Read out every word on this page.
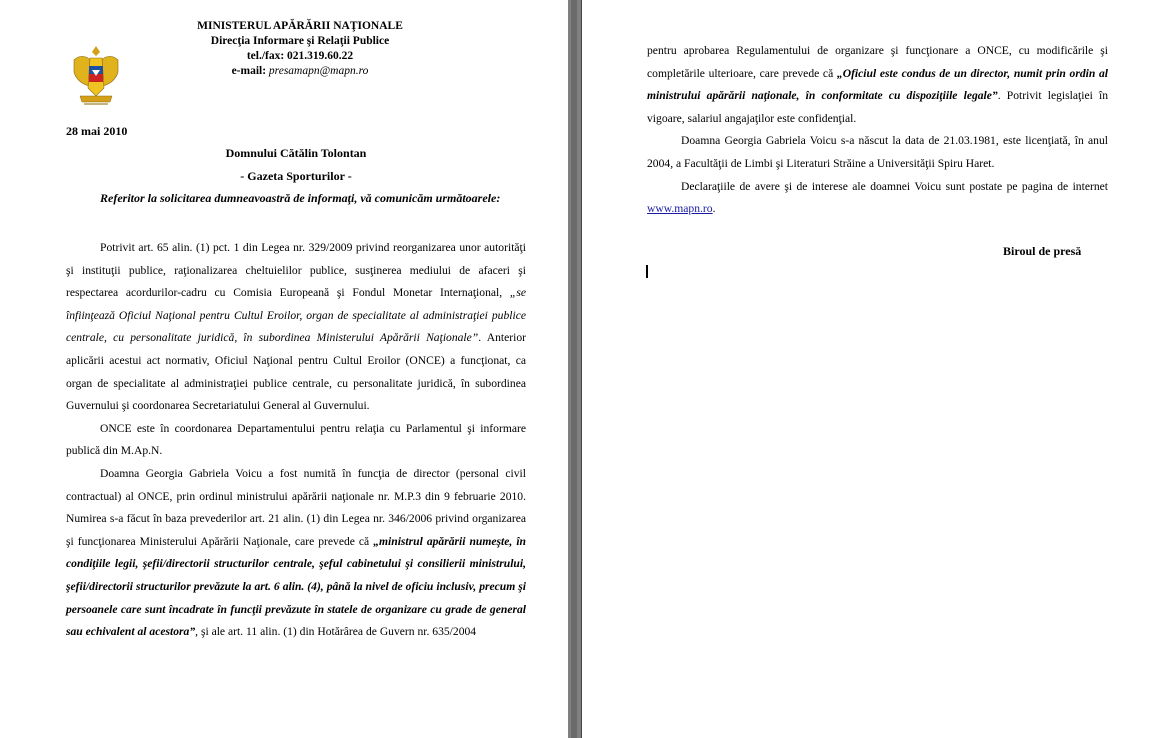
MINISTERUL APĂRĂRII NAŢIONALE
Direcţia Informare şi Relaţii Publice
tel./fax: 021.319.60.22
e-mail: presamapn@mapn.ro
28 mai 2010
Domnului Cătălin Tolontan
- Gazeta Sporturilor -
Referitor la solicitarea dumneavoastră de informaţi, vă comunicăm următoarele:

Potrivit art. 65 alin. (1) pct. 1 din Legea nr. 329/2009 privind reorganizarea unor autorităţi şi instituţii publice, raţionalizarea cheltuielilor publice, susţinerea mediului de afaceri şi respectarea acordurilor-cadru cu Comisia Europeană şi Fondul Monetar Internaţional, „se înfiinţează Oficiul Naţional pentru Cultul Eroilor, organ de specialitate al administraţiei publice centrale, cu personalitate juridică, în subordinea Ministerului Apărării Naţionale”. Anterior aplicării acestui act normativ, Oficiul Naţional pentru Cultul Eroilor (ONCE) a funcţionat, ca organ de specialitate al administraţiei publice centrale, cu personalitate juridică, în subordinea Guvernului şi coordonarea Secretariatului General al Guvernului.

ONCE este în coordonarea Departamentului pentru relaţia cu Parlamentul şi informare publică din M.Ap.N.

Doamna Georgia Gabriela Voicu a fost numită în funcţia de director (personal civil contractual) al ONCE, prin ordinul ministrului apărării naţionale nr. M.P.3 din 9 februarie 2010. Numirea s-a făcut în baza prevederilor art. 21 alin. (1) din Legea nr. 346/2006 privind organizarea şi funcţionarea Ministerului Apărării Naţionale, care prevede că „ministrul apărării numeşte, în condiţiile legii, şefii/directorii structurilor centrale, şeful cabinetului şi consilierii ministrului, şefii/directorii structurilor prevăzute la art. 6 alin. (4), până la nivel de oficiu inclusiv, precum şi persoanele care sunt încadrate în funcţii prevăzute în statele de organizare cu grade de general sau echivalent al acestora”, şi ale art. 11 alin. (1) din Hotărârea de Guvern nr. 635/2004

pentru aprobarea Regulamentului de organizare şi funcţionare a ONCE, cu modificările şi completările ulterioare, care prevede că „Oficiul este condus de un director, numit prin ordin al ministrului apărării naţionale, în conformitate cu dispoziţiile legale”. Potrivit legislaţiei în vigoare, salariul angajaţilor este confidenţial.

Doamna Georgia Gabriela Voicu s-a născut la data de 21.03.1981, este licenţiată, în anul 2004, a Facultăţii de Limbi şi Literaturi Străine a Universităţii Spiru Haret.

Declaraţiile de avere şi de interese ale doamnei Voicu sunt postate pe pagina de internet www.mapn.ro.

Biroul de presă
